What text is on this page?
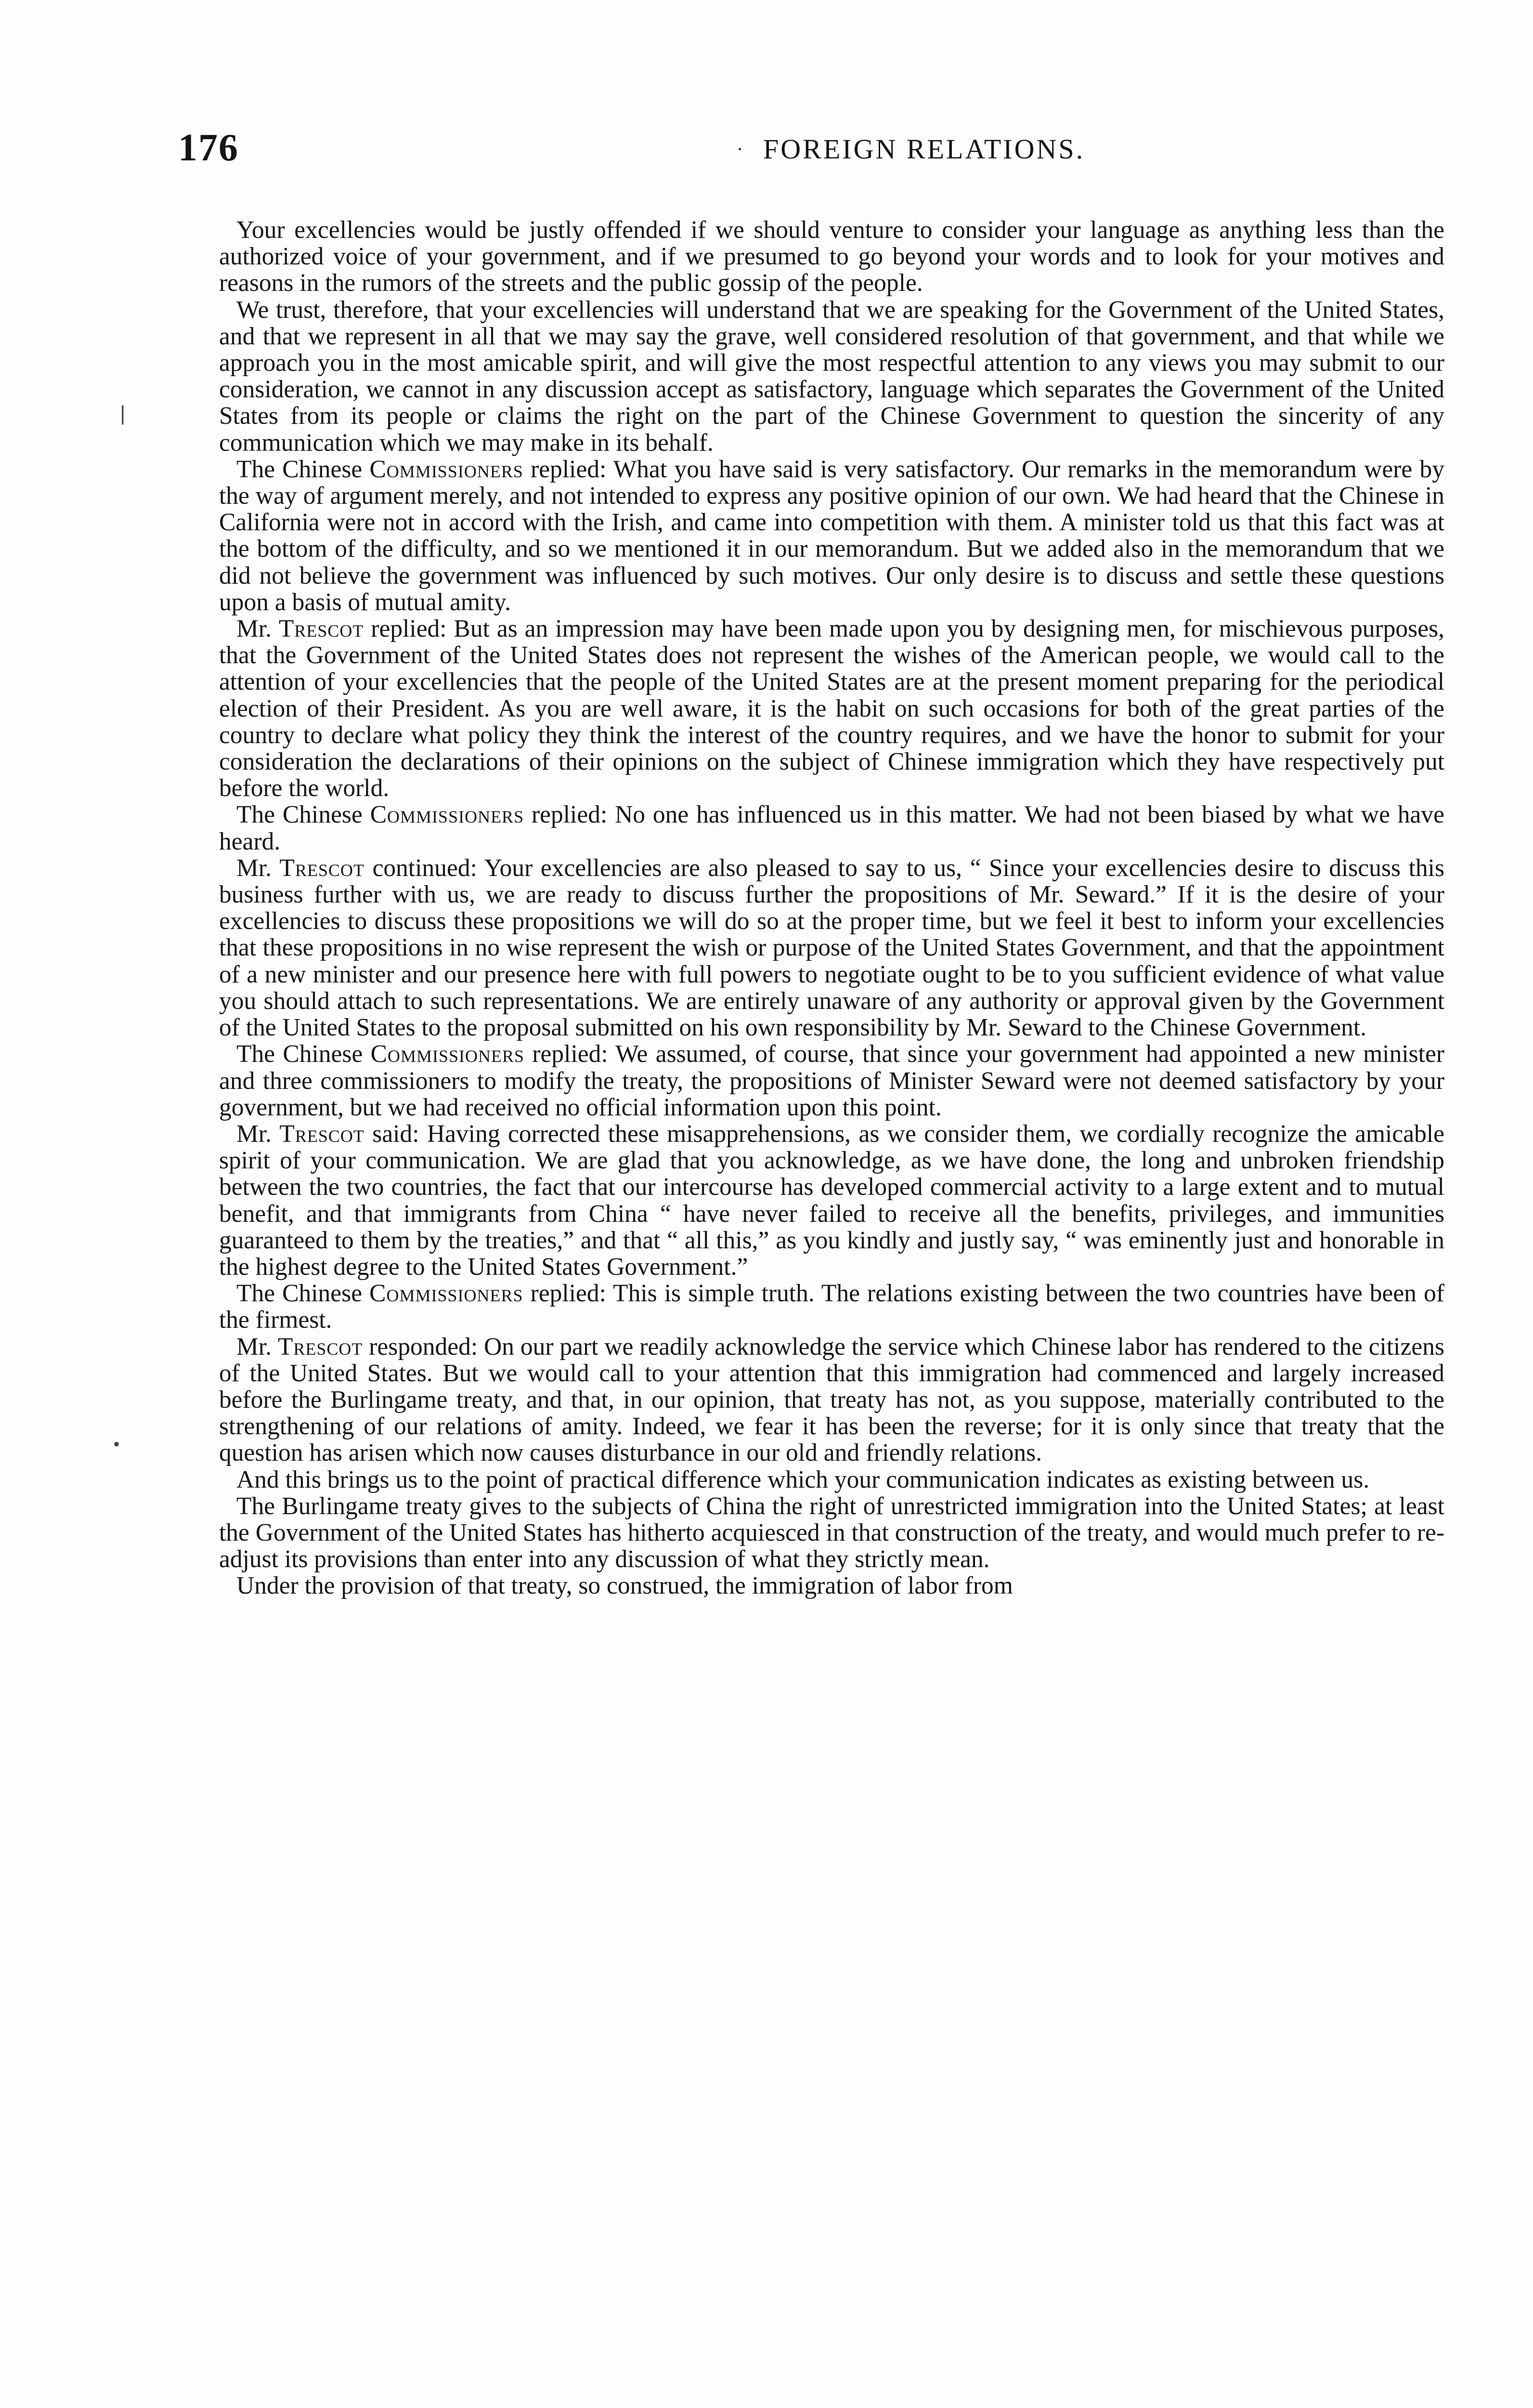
176	· FOREIGN RELATIONS.
❘
•

Your excellencies would be justly offended if we should venture to consider your language as anything less than the authorized voice of your government, and if we presumed to go beyond your words and to look for your motives and reasons in the rumors of the streets and the public gossip of the people.

We trust, therefore, that your excellencies will understand that we are speaking for the Government of the United States, and that we represent in all that we may say the grave, well considered resolution of that government, and that while we approach you in the most amicable spirit, and will give the most respectful attention to any views you may submit to our consideration, we cannot in any discussion accept as satisfactory, language which separates the Government of the United States from its people or claims the right on the part of the Chinese Government to question the sincerity of any communication which we may make in its behalf.

The Chinese Commissioners replied: What you have said is very satisfactory. Our remarks in the memorandum were by the way of argument merely, and not intended to express any positive opinion of our own. We had heard that the Chinese in California were not in accord with the Irish, and came into competition with them. A minister told us that this fact was at the bottom of the difficulty, and so we mentioned it in our memorandum. But we added also in the memorandum that we did not believe the government was influenced by such motives. Our only desire is to discuss and settle these questions upon a basis of mutual amity.

Mr. Trescot replied: But as an impression may have been made upon you by designing men, for mischievous purposes, that the Government of the United States does not represent the wishes of the American people, we would call to the attention of your excellencies that the people of the United States are at the present moment preparing for the periodical election of their President. As you are well aware, it is the habit on such occasions for both of the great parties of the country to declare what policy they think the interest of the country requires, and we have the honor to submit for your consideration the declarations of their opinions on the subject of Chinese immigration which they have respectively put before the world.

The Chinese Commissioners replied: No one has influenced us in this matter. We had not been biased by what we have heard.

Mr. Trescot continued: Your excellencies are also pleased to say to us, “ Since your excellencies desire to discuss this business further with us, we are ready to discuss further the propositions of Mr. Seward.” If it is the desire of your excellencies to discuss these propositions we will do so at the proper time, but we feel it best to inform your excellencies that these propositions in no wise represent the wish or purpose of the United States Government, and that the appointment of a new minister and our presence here with full powers to negotiate ought to be to you sufficient evidence of what value you should attach to such representations. We are entirely unaware of any authority or approval given by the Government of the United States to the proposal submitted on his own responsibility by Mr. Seward to the Chinese Government.

The Chinese Commissioners replied: We assumed, of course, that since your government had appointed a new minister and three commissioners to modify the treaty, the propositions of Minister Seward were not deemed satisfactory by your government, but we had received no official information upon this point.

Mr. Trescot said: Having corrected these misapprehensions, as we consider them, we cordially recognize the amicable spirit of your communication. We are glad that you acknowledge, as we have done, the long and unbroken friendship between the two countries, the fact that our intercourse has developed commercial activity to a large extent and to mutual benefit, and that immigrants from China “ have never failed to receive all the benefits, privileges, and immunities guaranteed to them by the treaties,” and that “ all this,” as you kindly and justly say, “ was eminently just and honorable in the highest degree to the United States Government.”

The Chinese Commissioners replied: This is simple truth. The relations existing between the two countries have been of the firmest.

Mr. Trescot responded: On our part we readily acknowledge the service which Chinese labor has rendered to the citizens of the United States. But we would call to your attention that this immigration had commenced and largely increased before the Burlingame treaty, and that, in our opinion, that treaty has not, as you suppose, materially contributed to the strengthening of our relations of amity. Indeed, we fear it has been the reverse; for it is only since that treaty that the question has arisen which now causes disturbance in our old and friendly relations.

And this brings us to the point of practical difference which your communication indicates as existing between us.

The Burlingame treaty gives to the subjects of China the right of unrestricted immigration into the United States; at least the Government of the United States has hitherto acquiesced in that construction of the treaty, and would much prefer to readjust its provisions than enter into any discussion of what they strictly mean.

Under the provision of that treaty, so construed, the immigration of labor from
